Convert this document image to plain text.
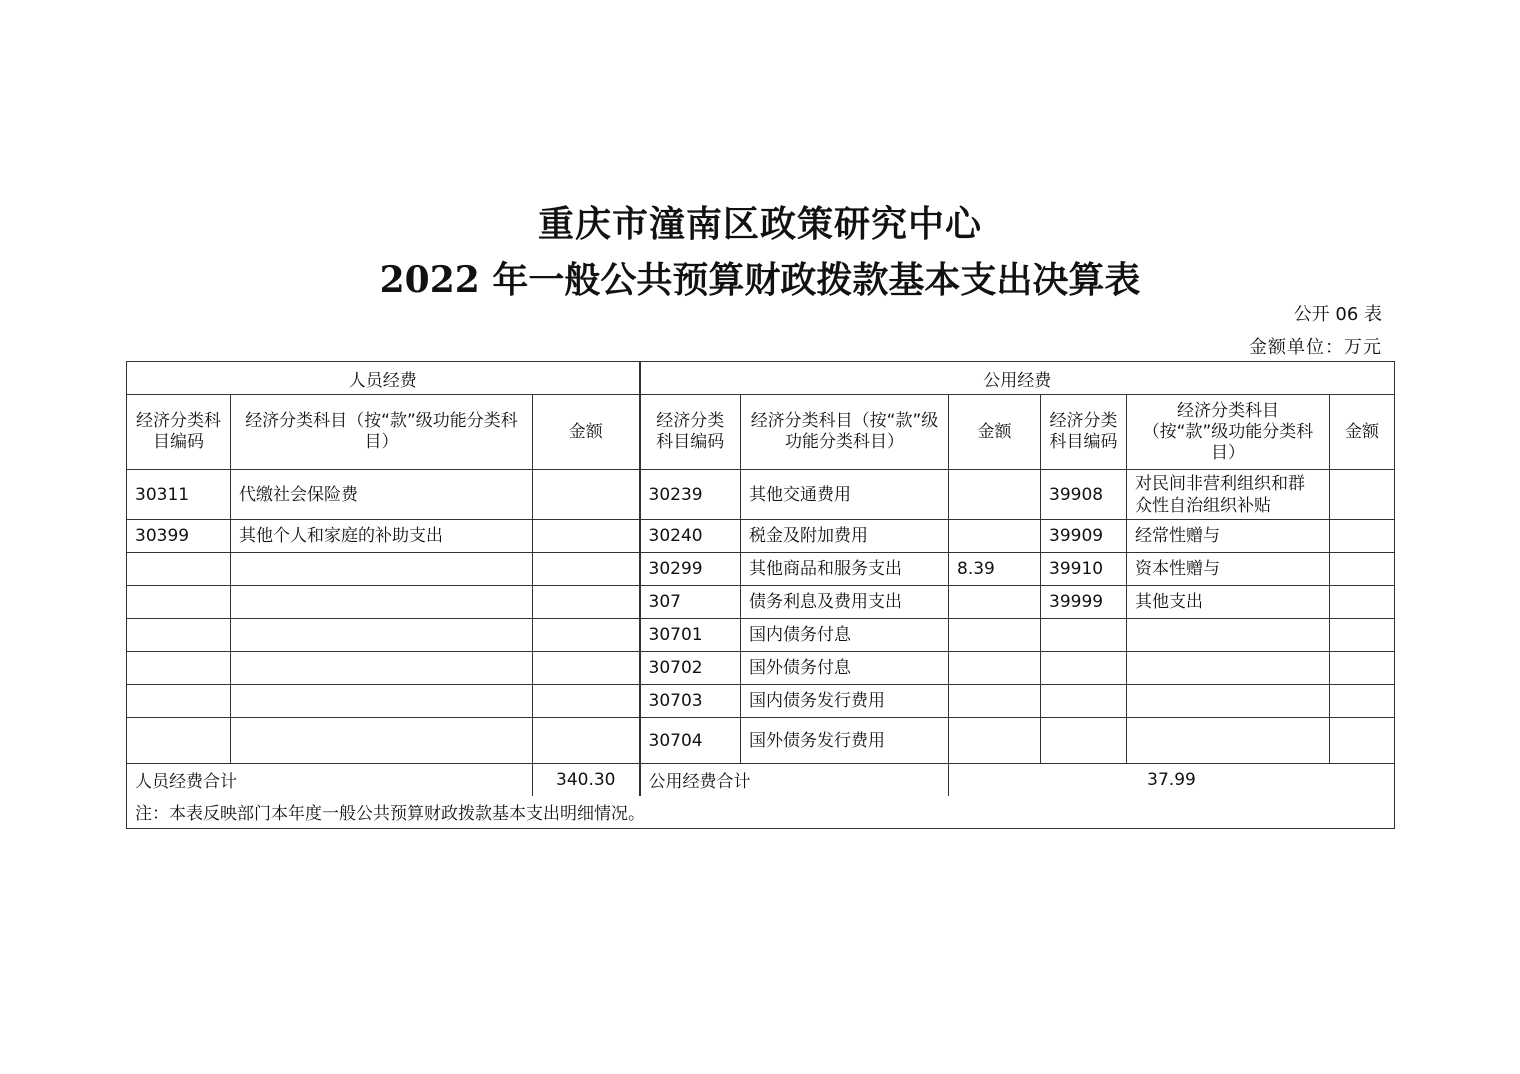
重庆市潼南区政策研究中心
2022 年一般公共预算财政拨款基本支出决算表
公开 06 表
金额单位：万元
人员经费			公用经费					
经济分类科目编码	经济分类科目（按“款”级功能分类科目）	金额	经济分类科目编码	经济分类科目（按“款”级功能分类科目）	金额	经济分类科目编码	经济分类科目（按“款”级功能分类科目）	金额
30311	代缴社会保险费		30239	其他交通费用		39908	对民间非营利组织和群众性自治组织补贴	
30399	其他个人和家庭的补助支出		30240	税金及附加费用		39909	经常性赠与	
			30299	其他商品和服务支出	8.39	39910	资本性赠与	
			307	债务利息及费用支出		39999	其他支出	
			30701	国内债务付息				
			30702	国外债务付息				
			30703	国内债务发行费用				
			30704	国外债务发行费用				
人员经费合计		340.30	公用经费合计		37.99			
注：本表反映部门本年度一般公共预算财政拨款基本支出明细情况。								
